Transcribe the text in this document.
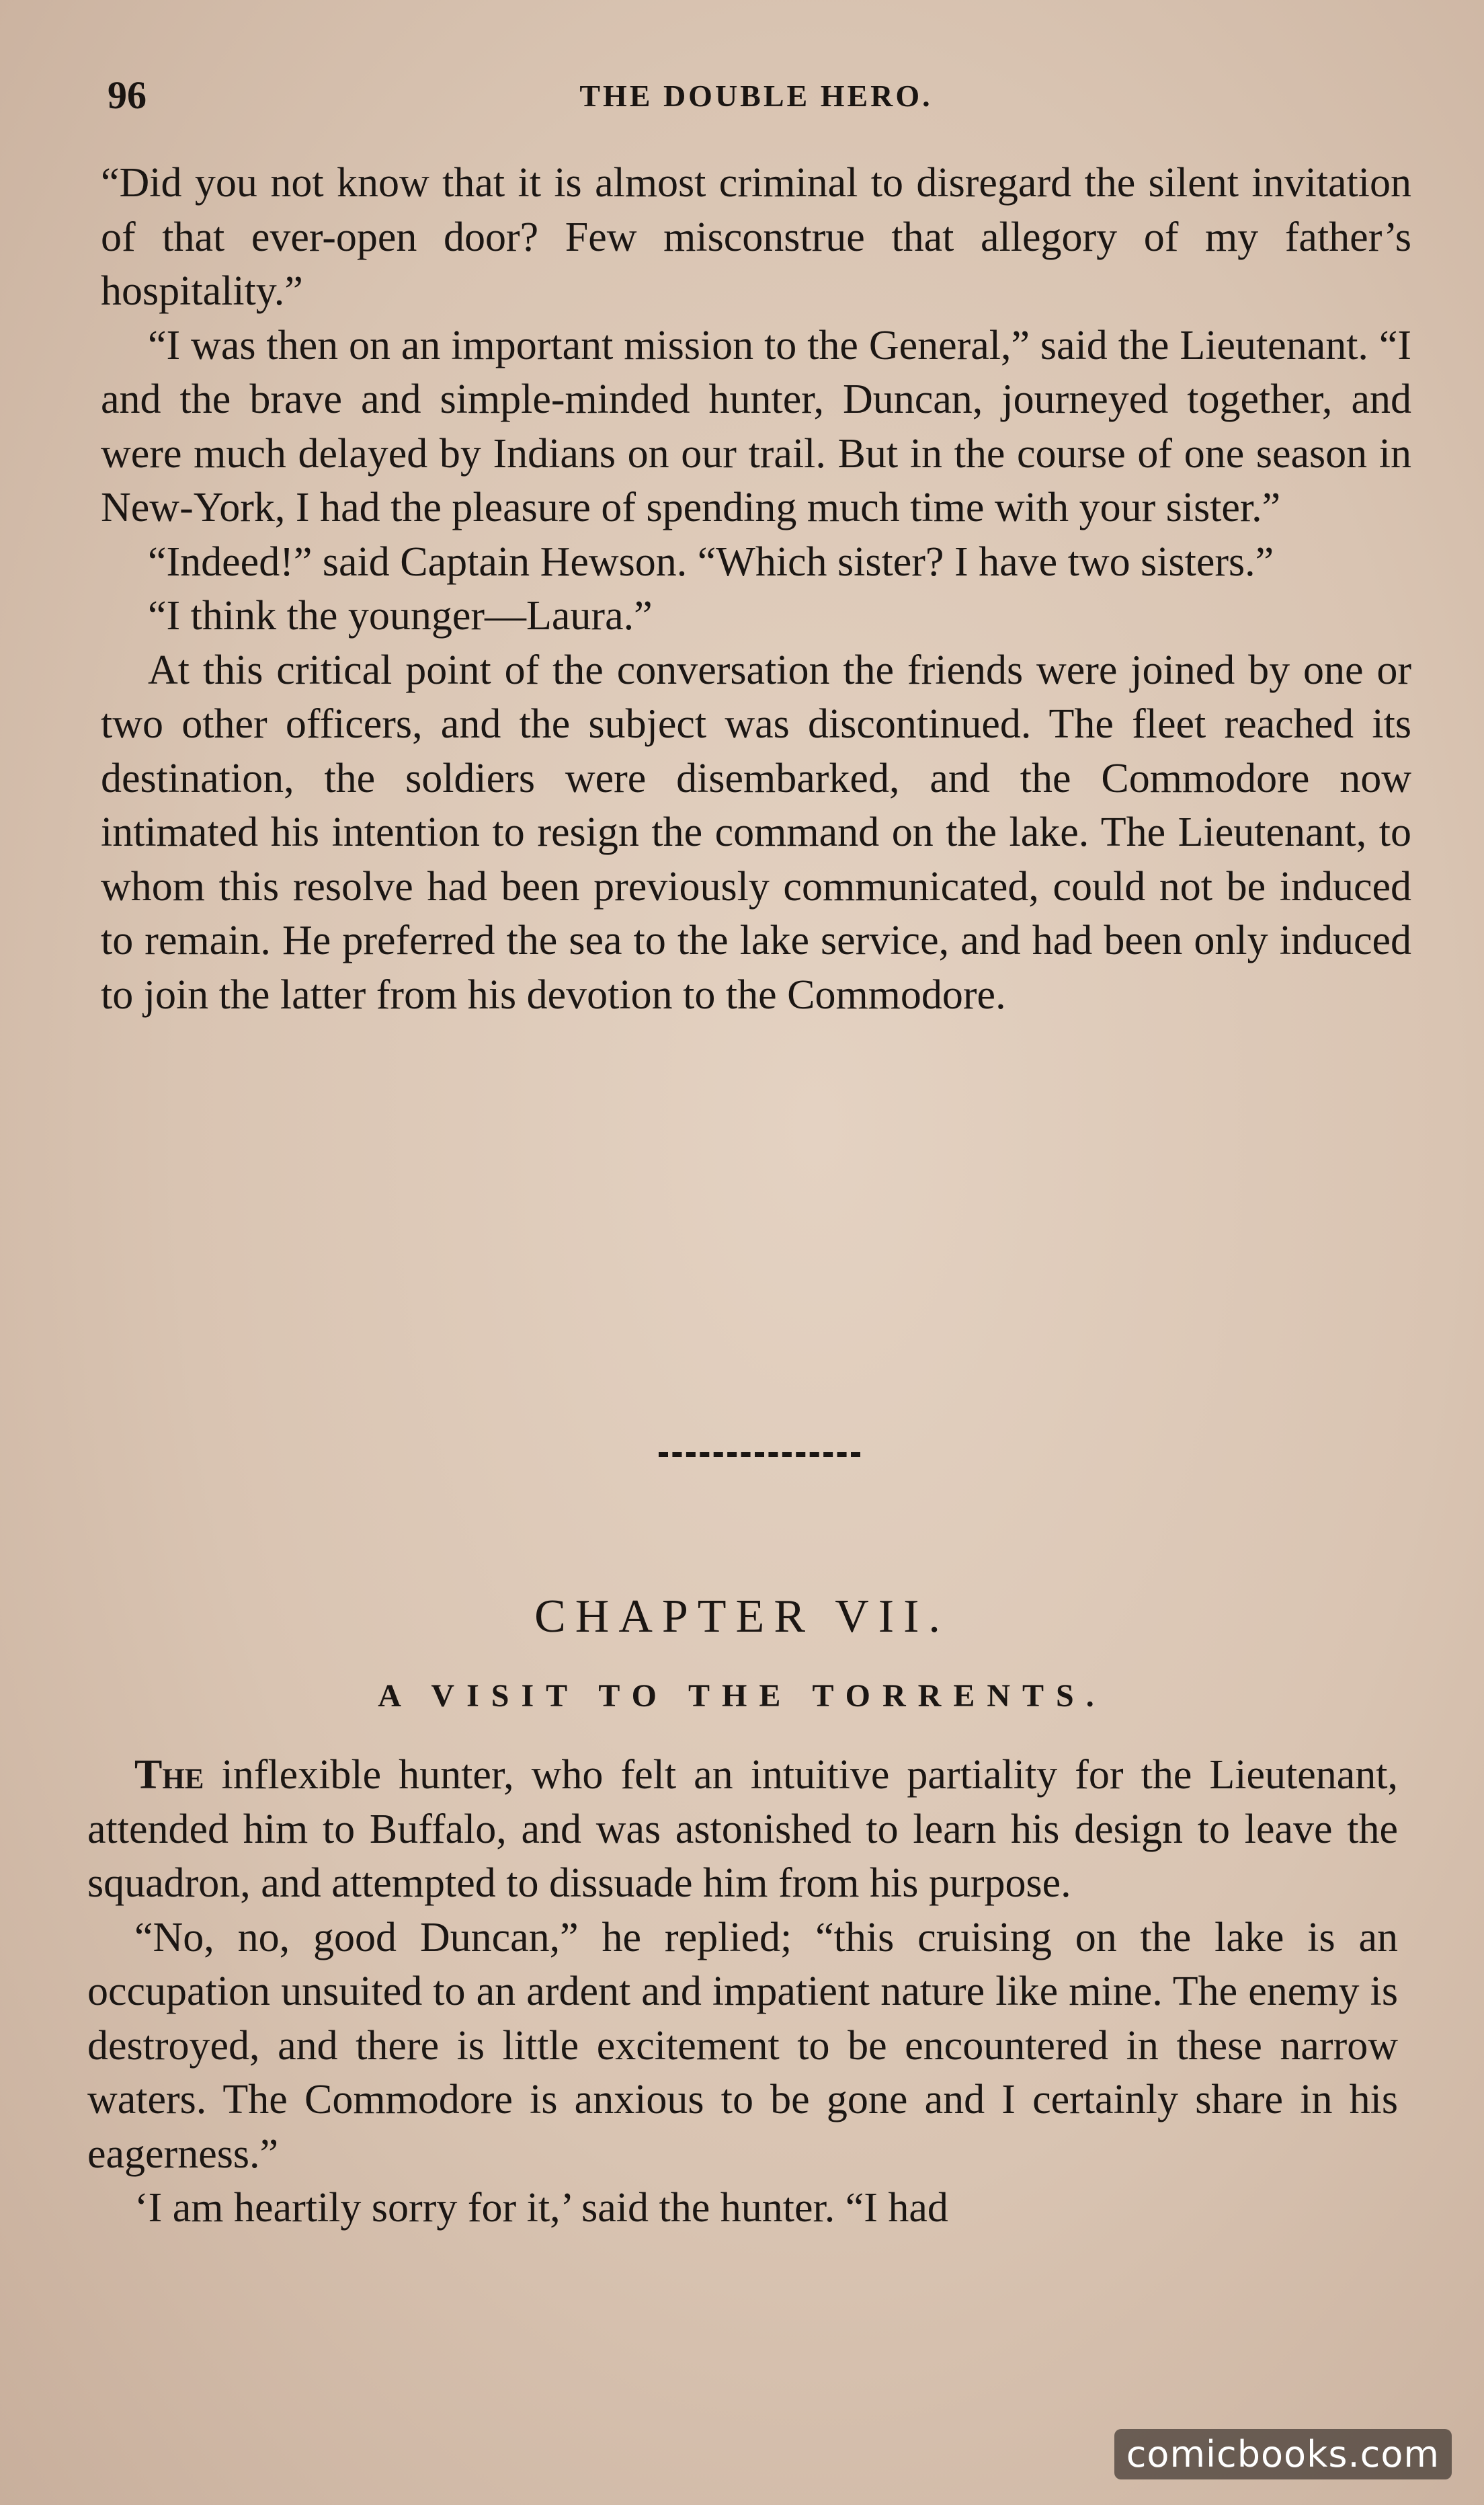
96	THE DOUBLE HERO.

“Did you not know that it is almost criminal to disregard the silent invitation of that ever-open door? Few misconstrue that allegory of my father’s hospitality.”

“I was then on an important mission to the General,” said the Lieutenant. “I and the brave and simple-minded hunter, Duncan, journeyed together, and were much delayed by Indians on our trail. But in the course of one season in New-York, I had the pleasure of spending much time with your sister.”

“Indeed!” said Captain Hewson. “Which sister? I have two sisters.”

“I think the younger—Laura.”

At this critical point of the conversation the friends were joined by one or two other officers, and the subject was discontinued. The fleet reached its destination, the soldiers were disembarked, and the Commodore now intimated his intention to resign the command on the lake. The Lieutenant, to whom this resolve had been previously communicated, could not be induced to remain. He preferred the sea to the lake service, and had been only induced to join the latter from his devotion to the Commodore.

CHAPTER VII.
A VISIT TO THE TORRENTS.

The inflexible hunter, who felt an intuitive partiality for the Lieutenant, attended him to Buffalo, and was astonished to learn his design to leave the squadron, and attempted to dissuade him from his purpose.

“No, no, good Duncan,” he replied; “this cruising on the lake is an occupation unsuited to an ardent and impatient nature like mine. The enemy is destroyed, and there is little excitement to be encountered in these narrow waters. The Commodore is anxious to be gone and I certainly share in his eagerness.”

‘I am heartily sorry for it,’ said the hunter. “I had

comicbooks.com
